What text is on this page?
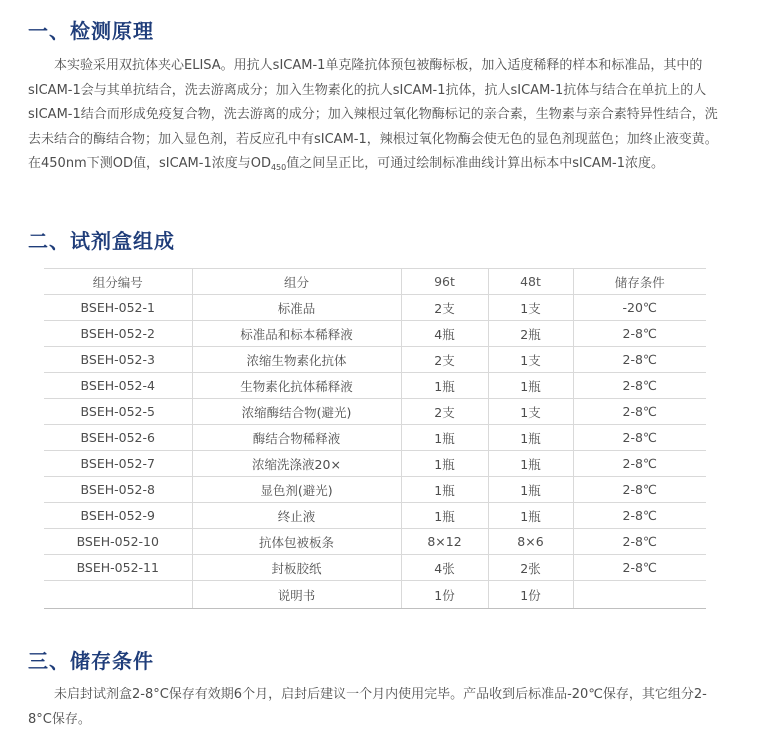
一、检测原理

本实验采用双抗体夹心ELISA。用抗人sICAM-1单克隆抗体预包被酶标板，加入适度稀释的样本和标准品，其中的sICAM-1会与其单抗结合，洗去游离成分；加入生物素化的抗人sICAM-1抗体，抗人sICAM-1抗体与结合在单抗上的人sICAM-1结合而形成免疫复合物，洗去游离的成分；加入辣根过氧化物酶标记的亲合素，生物素与亲合素特异性结合，洗去未结合的酶结合物；加入显色剂，若反应孔中有sICAM-1，辣根过氧化物酶会使无色的显色剂现蓝色；加终止液变黄。在450nm下测OD值，sICAM-1浓度与$OD_{450}$值之间呈正比，可通过绘制标准曲线计算出标本中sICAM-1浓度。

二、试剂盒组成
组分编号	组分	96t	48t	储存条件
BSEH-052-1	标准品	2支	1支	-20℃
BSEH-052-2	标准品和标本稀释液	4瓶	2瓶	2-8℃
BSEH-052-3	浓缩生物素化抗体	2支	1支	2-8℃
BSEH-052-4	生物素化抗体稀释液	1瓶	1瓶	2-8℃
BSEH-052-5	浓缩酶结合物(避光)	2支	1支	2-8℃
BSEH-052-6	酶结合物稀释液	1瓶	1瓶	2-8℃
BSEH-052-7	浓缩洗涤液20×	1瓶	1瓶	2-8℃
BSEH-052-8	显色剂(避光)	1瓶	1瓶	2-8℃
BSEH-052-9	终止液	1瓶	1瓶	2-8℃
BSEH-052-10	抗体包被板条	8×12	8×6	2-8℃
BSEH-052-11	封板胶纸	4张	2张	2-8℃
	说明书	1份	1份	
三、储存条件

未启封试剂盒2-8°C保存有效期6个月，启封后建议一个月内使用完毕。产品收到后标准品-20℃保存，其它组分2-8°C保存。
